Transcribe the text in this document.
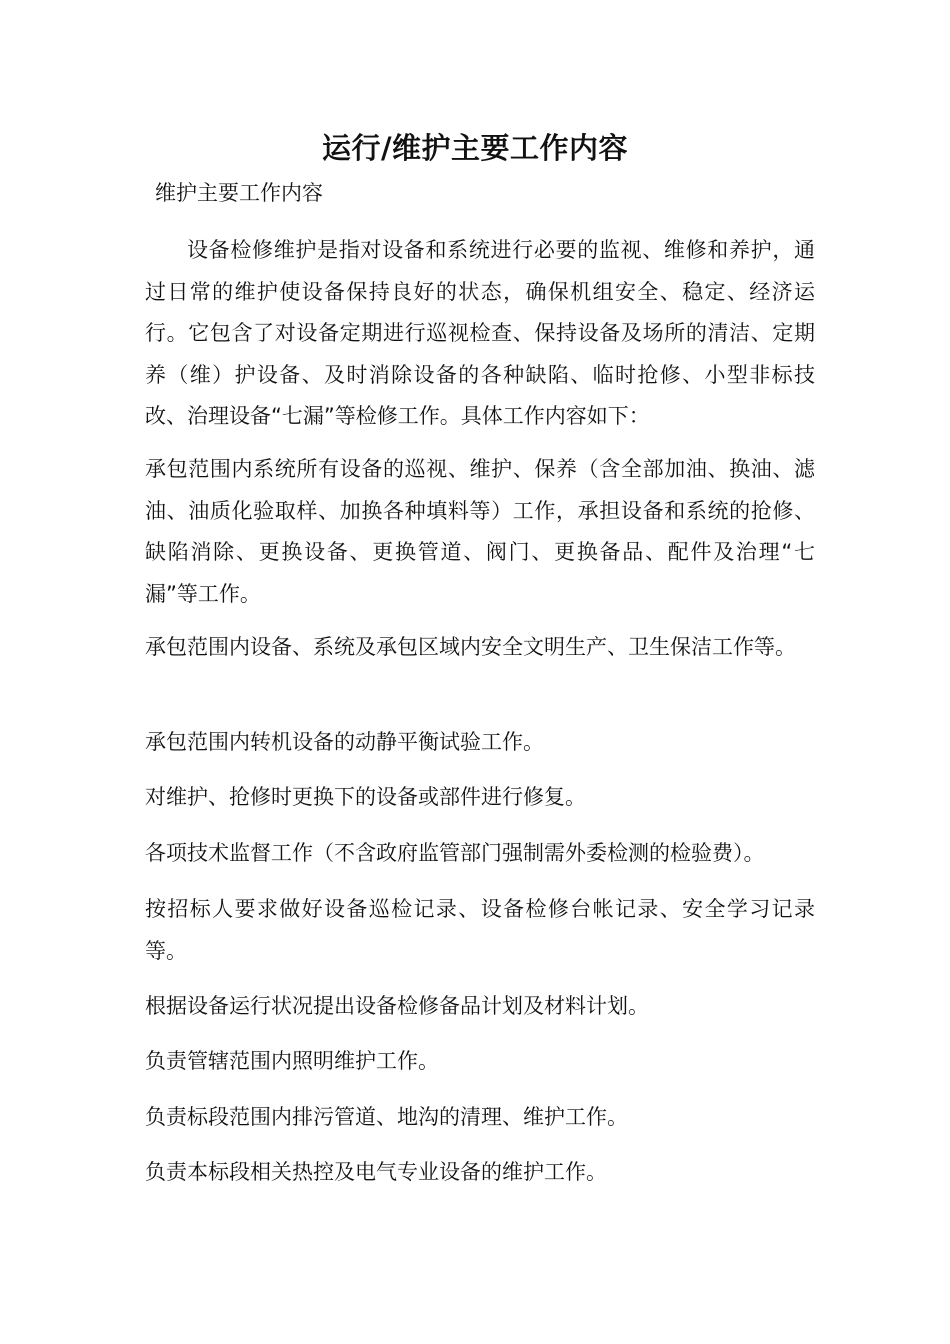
运行/维护主要工作内容
维护主要工作内容
设备检修维护是指对设备和系统进行必要的监视、维修和养护，通过日常的维护使设备保持良好的状态，确保机组安全、稳定、经济运行。它包含了对设备定期进行巡视检查、保持设备及场所的清洁、定期养（维）护设备、及时消除设备的各种缺陷、临时抢修、小型非标技改、治理设备“七漏”等检修工作。具体工作内容如下：
承包范围内系统所有设备的巡视、维护、保养（含全部加油、换油、滤油、油质化验取样、加换各种填料等）工作，承担设备和系统的抢修、缺陷消除、更换设备、更换管道、阀门、更换备品、配件及治理“七漏”等工作。
承包范围内设备、系统及承包区域内安全文明生产、卫生保洁工作等。
承包范围内转机设备的动静平衡试验工作。
对维护、抢修时更换下的设备或部件进行修复。
各项技术监督工作（不含政府监管部门强制需外委检测的检验费）。
按招标人要求做好设备巡检记录、设备检修台帐记录、安全学习记录等。
根据设备运行状况提出设备检修备品计划及材料计划。
负责管辖范围内照明维护工作。
负责标段范围内排污管道、地沟的清理、维护工作。
负责本标段相关热控及电气专业设备的维护工作。
